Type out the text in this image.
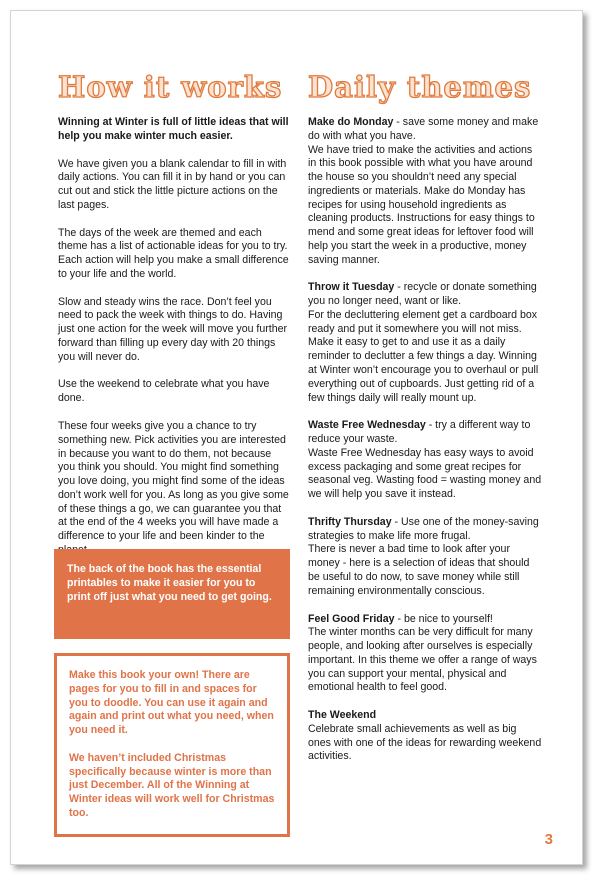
How it works

Winning at Winter is full of little ideas that will help you make winter much easier.

We have given you a blank calendar to fill in with daily actions. You can fill it in by hand or you can cut out and stick the little picture actions on the last pages.

The days of the week are themed and each theme has a list of actionable ideas for you to try. Each action will help you make a small difference to your life and the world.

Slow and steady wins the race. Don’t feel you need to pack the week with things to do. Having just one action for the week will move you further forward than filling up every day with 20 things you will never do.

Use the weekend to celebrate what you have done.

These four weeks give you a chance to try something new. Pick activities you are interested in because you want to do them, not because you think you should. You might find something you love doing, you might find some of the ideas don’t work well for you. As long as you give some of these things a go, we can guarantee you that at the end of the 4 weeks you will have made a difference to your life and been kinder to the

The back of the book has the essential printables to make it easier for you to print off just what you need to get going.

Make this book your own! There are pages for you to fill in and spaces for you to doodle. You can use it again and again and print out what you need, when you need it.

We haven’t included Christmas specifically because winter is more than just December. All of the Winning at Winter ideas will work well for Christmas too.

Daily themes

Make do Monday - save some money and make do with what you have.
We have tried to make the activities and actions in this book possible with what you have around the house so you shouldn’t need any special ingredients or materials. Make do Monday has recipes for using household ingredients as cleaning products. Instructions for easy things to mend and some great ideas for leftover food will help you start the week in a productive, money saving manner.

Throw it Tuesday - recycle or donate something you no longer need, want or like.
For the decluttering element get a cardboard box ready and put it somewhere you will not miss. Make it easy to get to and use it as a daily reminder to declutter a few things a day. Winning at Winter won’t encourage you to overhaul or pull everything out of cupboards. Just getting rid of a few things daily will really mount up.

Waste Free Wednesday - try a different way to reduce your waste.
Waste Free Wednesday has easy ways to avoid excess packaging and some great recipes for seasonal veg. Wasting food = wasting money and we will help you save it instead.

Thrifty Thursday - Use one of the money-saving strategies to make life more frugal.
There is never a bad time to look after your money - here is a selection of ideas that should be useful to do now, to save money while still remaining environmentally conscious.

Feel Good Friday - be nice to yourself!
The winter months can be very difficult for many people, and looking after ourselves is especially important. In this theme we offer a range of ways you can support your mental, physical and emotional health to feel good.

The Weekend
Celebrate small achievements as well as big ones with one of the ideas for rewarding weekend activities.

3
